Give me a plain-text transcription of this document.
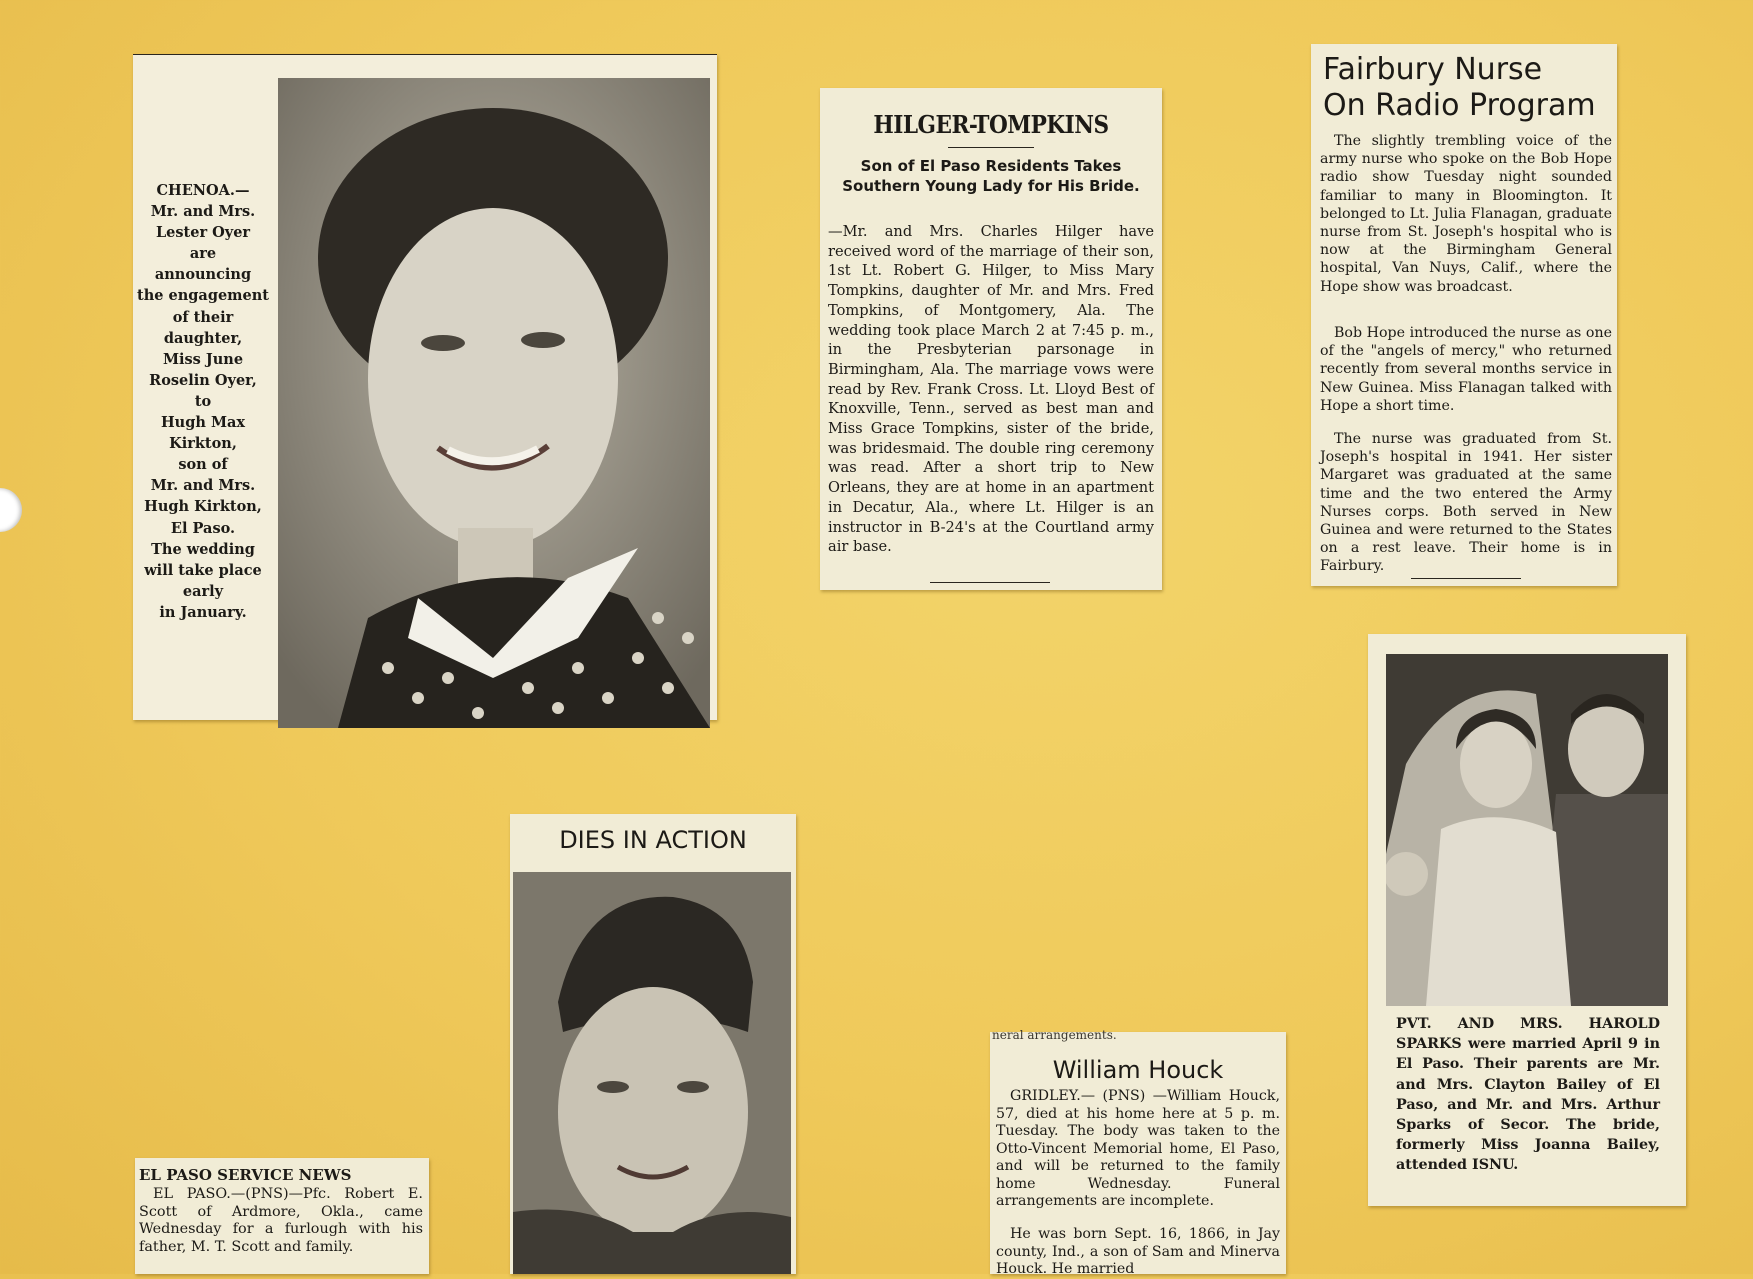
CHENOA.—
Mr. and Mrs.
Lester Oyer
are
announcing
the engagement
of their daughter,
Miss June
Roselin Oyer,
to
Hugh Max
Kirkton,
son of
Mr. and Mrs.
Hugh Kirkton,
El Paso.
The wedding
will take place
early
in January.
HILGER-TOMPKINS
Son of El Paso Residents Takes Southern Young Lady for His Bride.

—Mr. and Mrs. Charles Hilger have received word of the marriage of their son, 1st Lt. Robert G. Hilger, to Miss Mary Tompkins, daughter of Mr. and Mrs. Fred Tompkins, of Montgomery, Ala. The wedding took place March 2 at 7:45 p. m., in the Presbyterian parsonage in Birmingham, Ala. The marriage vows were read by Rev. Frank Cross. Lt. Lloyd Best of Knoxville, Tenn., served as best man and Miss Grace Tompkins, sister of the bride, was bridesmaid. The double ring ceremony was read. After a short trip to New Orleans, they are at home in an apartment in Decatur, Ala., where Lt. Hilger is an instructor in B-24's at the Courtland army air base.

Fairbury Nurse
On Radio Program

The slightly trembling voice of the army nurse who spoke on the Bob Hope radio show Tuesday night sounded familiar to many in Bloomington. It belonged to Lt. Julia Flanagan, graduate nurse from St. Joseph's hospital who is now at the Birmingham General hospital, Van Nuys, Calif., where the Hope show was broadcast.

Bob Hope introduced the nurse as one of the "angels of mercy," who returned recently from several months service in New Guinea. Miss Flanagan talked with Hope a short time.

The nurse was graduated from St. Joseph's hospital in 1941. Her sister Margaret was graduated at the same time and the two entered the Army Nurses corps. Both served in New Guinea and were returned to the States on a rest leave. Their home is in Fairbury.

PVT. AND MRS. HAROLD SPARKS were married April 9 in El Paso. Their parents are Mr. and Mrs. Clayton Bailey of El Paso, and Mr. and Mrs. Arthur Sparks of Secor. The bride, formerly Miss Joanna Bailey, attended ISNU.
DIES IN ACTION
EL PASO SERVICE NEWS

EL PASO.—(PNS)—Pfc. Robert E. Scott of Ardmore, Okla., came Wednesday for a furlough with his father, M. T. Scott and family.

neral arrangements.
William Houck

GRIDLEY.— (PNS) —William Houck, 57, died at his home here at 5 p. m. Tuesday. The body was taken to the Otto-Vincent Memorial home, El Paso, and will be returned to the family home Wednesday. Funeral arrangements are incomplete.

He was born Sept. 16, 1866, in Jay county, Ind., a son of Sam and Minerva Houck. He married
